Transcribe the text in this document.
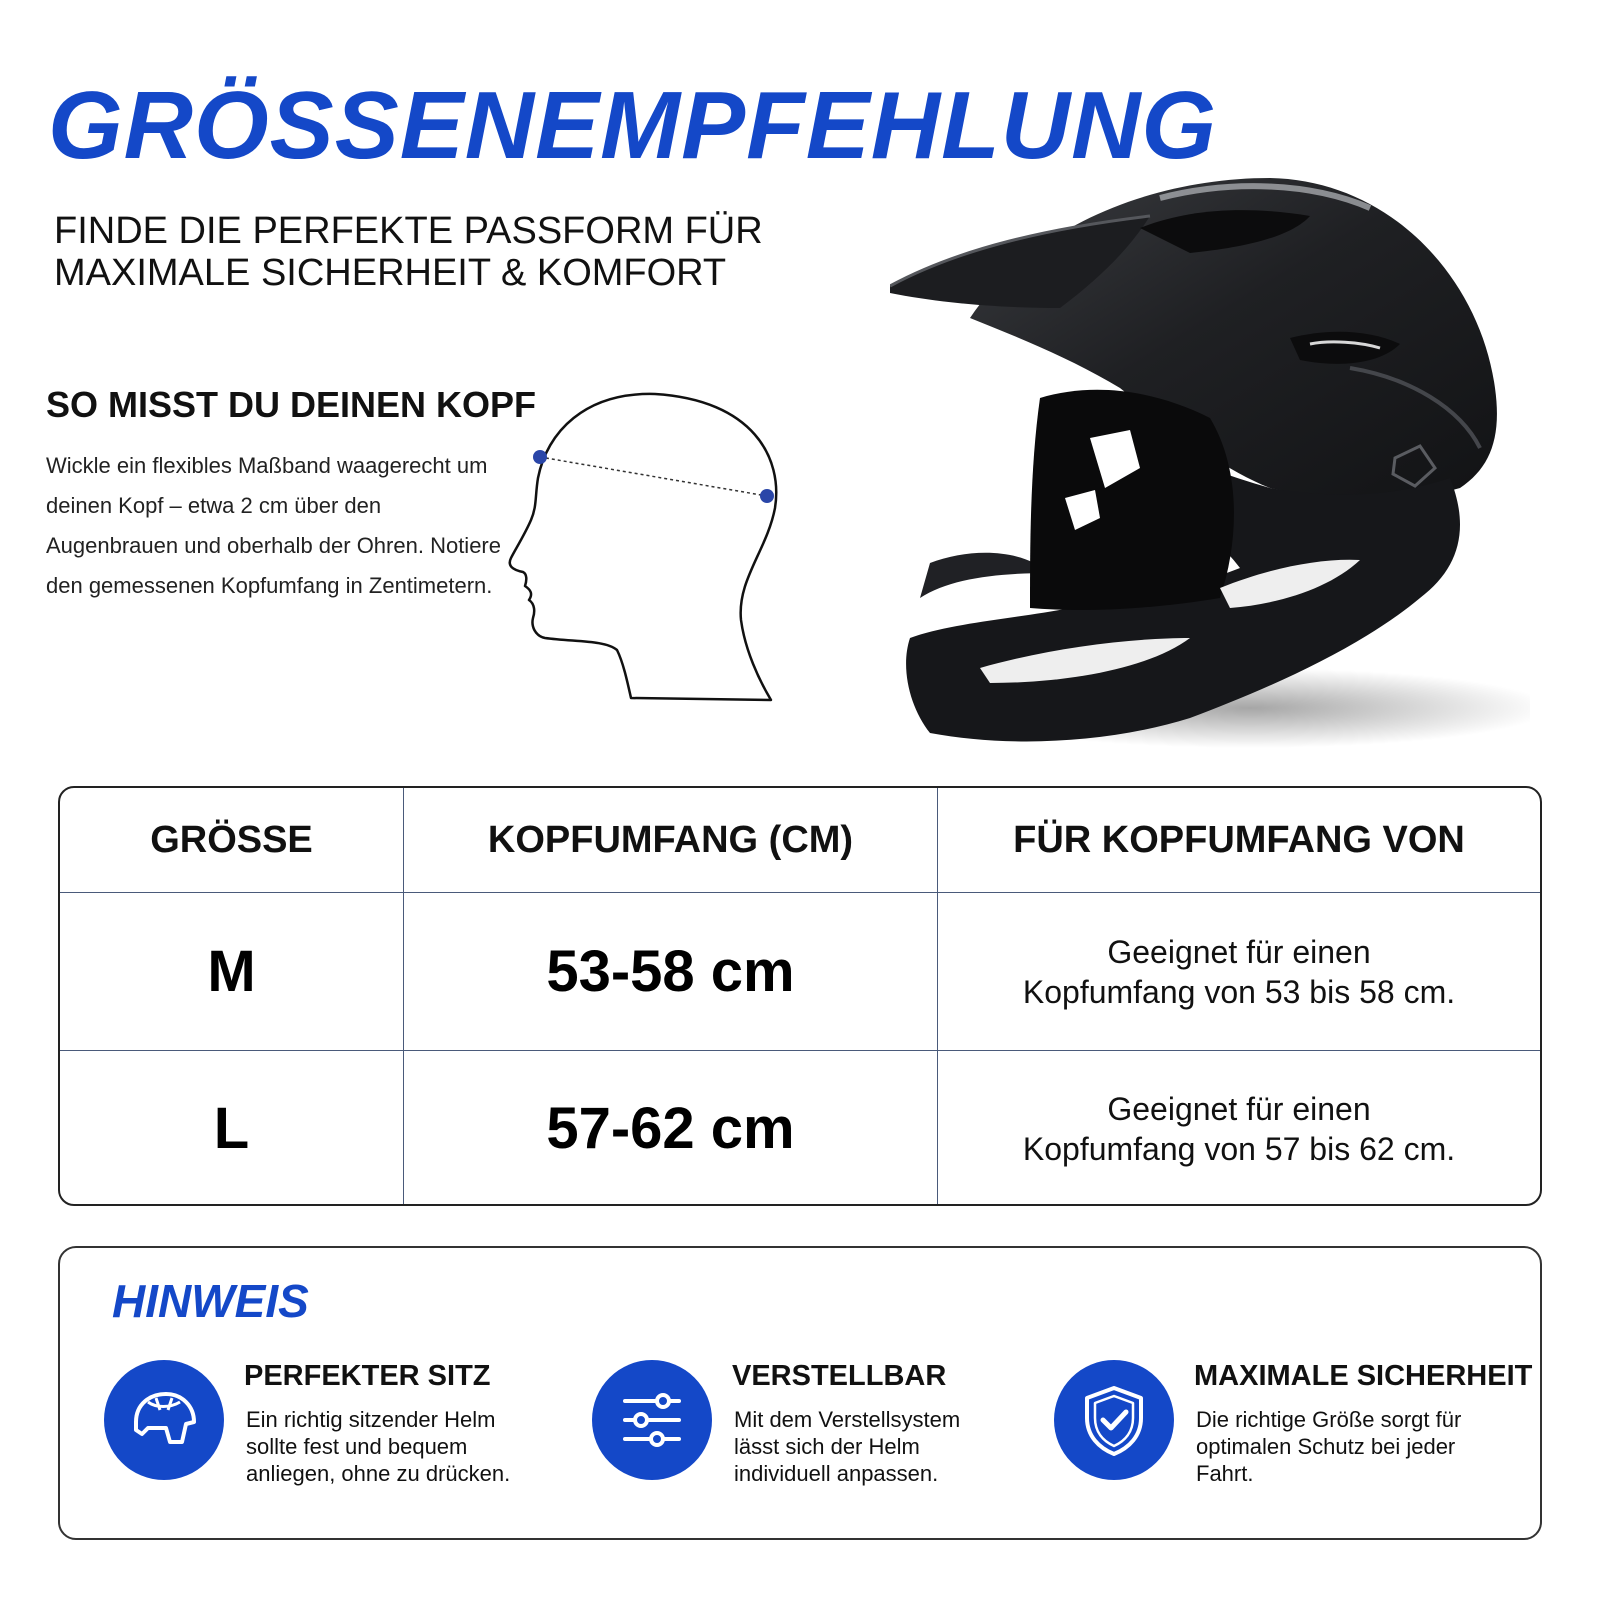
GRÖSSENEMPFEHLUNG
FINDE DIE PERFEKTE PASSFORM FÜR
MAXIMALE SICHERHEIT & KOMFORT
SO MISST DU DEINEN KOPF

Wickle ein flexibles Maßband waagerecht um deinen Kopf – etwa 2 cm über den Augenbrauen und oberhalb der Ohren. Notiere den gemessenen Kopfumfang in Zentimetern.

GRÖSSE	KOPFUMFANG (CM)	FÜR KOPFUMFANG VON
M	53-58 cm	Geeignet für einen
Kopfumfang von 53 bis 58 cm.
L	57-62 cm	Geeignet für einen
Kopfumfang von 57 bis 62 cm.
HINWEIS

PERFEKTER SITZ

Ein richtig sitzender Helm
sollte fest und bequem
anliegen, ohne zu drücken.

VERSTELLBAR

Mit dem Verstellsystem
lässt sich der Helm
individuell anpassen.

MAXIMALE SICHERHEIT

Die richtige Größe sorgt für
optimalen Schutz bei jeder
Fahrt.
